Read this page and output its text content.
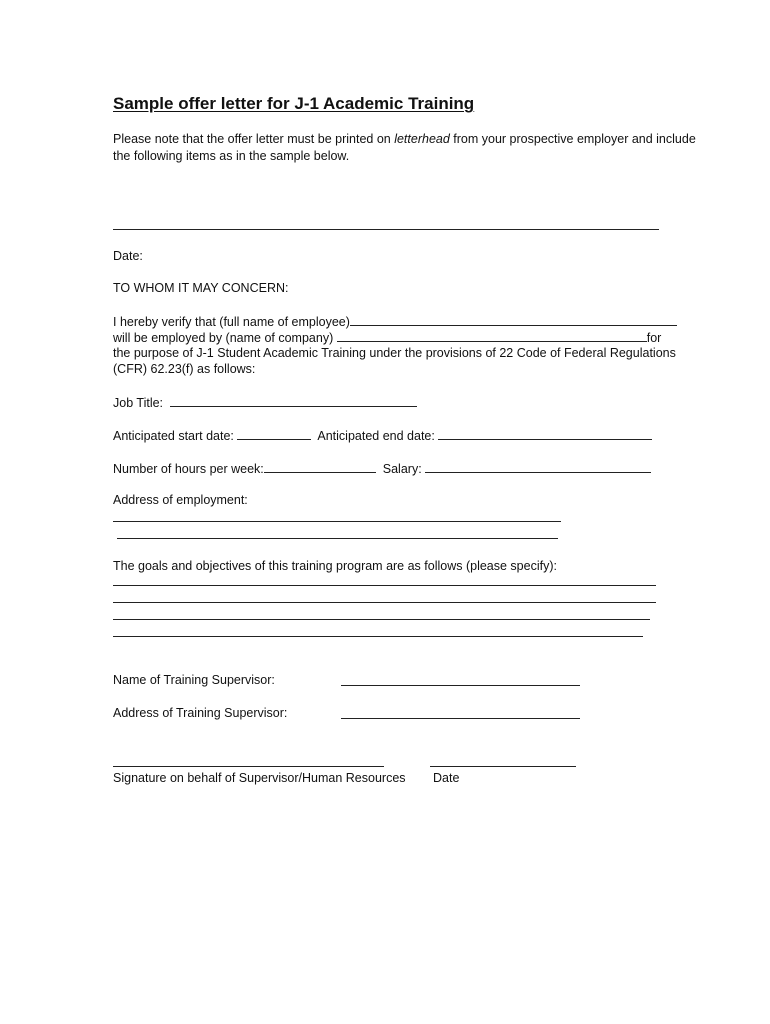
Sample offer letter for J-1 Academic Training
Please note that the offer letter must be printed on letterhead from your prospective employer and include
the following items as in the sample below.
Date:
TO WHOM IT MAY CONCERN:
I hereby verify that (full name of employee)
will be employed by (name of company)	for
the purpose of J-1 Student Academic Training under the provisions of 22 Code of Federal Regulations
(CFR) 62.23(f) as follows:
Job Title:
Anticipated start date:	Anticipated end date:
Number of hours per week:	Salary:
Address of employment:
The goals and objectives of this training program are as follows (please specify):
Name of Training Supervisor:
Address of Training Supervisor:
Signature on behalf of Supervisor/Human Resources Date
